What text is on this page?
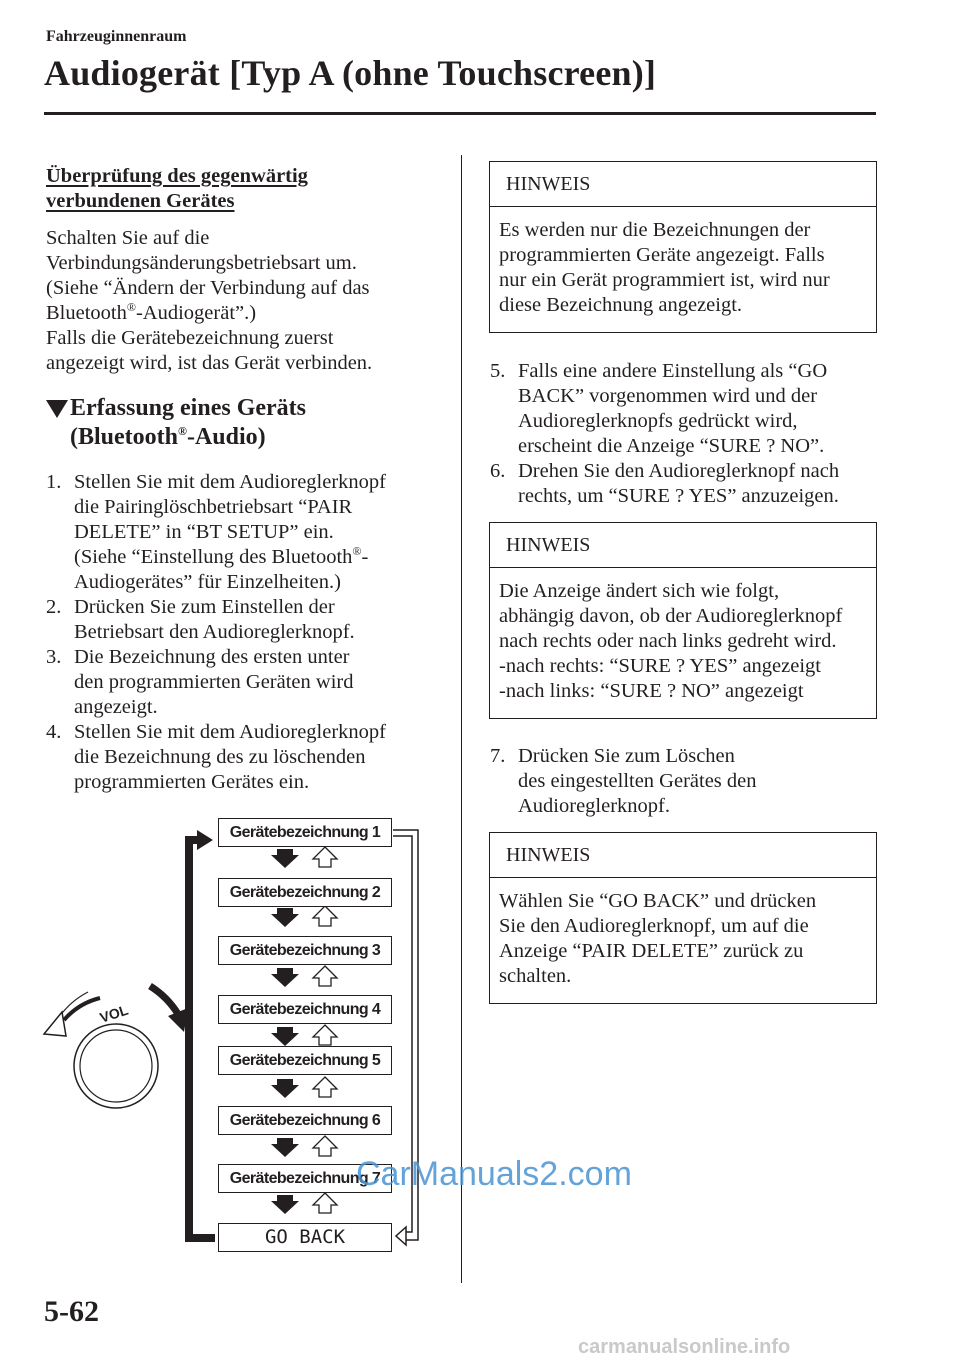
Fahrzeuginnenraum
Audiogerät [Typ A (ohne Touchscreen)]
Überprüfung des gegenwärtig
verbundenen Gerätes

Schalten Sie auf die

Verbindungsänderungsbetriebsart um.

(Siehe “Ändern der Verbindung auf das

Bluetooth®-Audiogerät”.)

Falls die Gerätebezeichnung zuerst

angezeigt wird, ist das Gerät verbinden.

Erfassung eines Geräts
(Bluetooth®-Audio)
1. Stellen Sie mit dem Audioreglerknopf
die Pairinglöschbetriebsart “PAIR
DELETE” in “BT SETUP” ein.
(Siehe “Einstellung des Bluetooth®-
Audiogerätes” für Einzelheiten.)
2. Drücken Sie zum Einstellen der
Betriebsart den Audioreglerknopf.
3. Die Bezeichnung des ersten unter
den programmierten Geräten wird
angezeigt.
4. Stellen Sie mit dem Audioreglerknopf
die Bezeichnung des zu löschenden
programmierten Gerätes ein.
VOL
Gerätebezeichnung 1
Gerätebezeichnung 2
Gerätebezeichnung 3
Gerätebezeichnung 4
Gerätebezeichnung 5
Gerätebezeichnung 6
Gerätebezeichnung 7
GO BACK
HINWEIS

Es werden nur die Bezeichnungen der

programmierten Geräte angezeigt. Falls

nur ein Gerät programmiert ist, wird nur

diese Bezeichnung angezeigt.

5. Falls eine andere Einstellung als “GO
BACK” vorgenommen wird und der
Audioreglerknopfs gedrückt wird,
erscheint die Anzeige “SURE ? NO”.
6. Drehen Sie den Audioreglerknopf nach
rechts, um “SURE ? YES” anzuzeigen.
HINWEIS

Die Anzeige ändert sich wie folgt,

abhängig davon, ob der Audioreglerknopf

nach rechts oder nach links gedreht wird.

-nach rechts: “SURE ? YES” angezeigt

-nach links: “SURE ? NO” angezeigt

7. Drücken Sie zum Löschen
des eingestellten Gerätes den
Audioreglerknopf.
HINWEIS

Wählen Sie “GO BACK” und drücken

Sie den Audioreglerknopf, um auf die

Anzeige “PAIR DELETE” zurück zu

schalten.

CarManuals2.com
5-62
carmanualsonline.info
